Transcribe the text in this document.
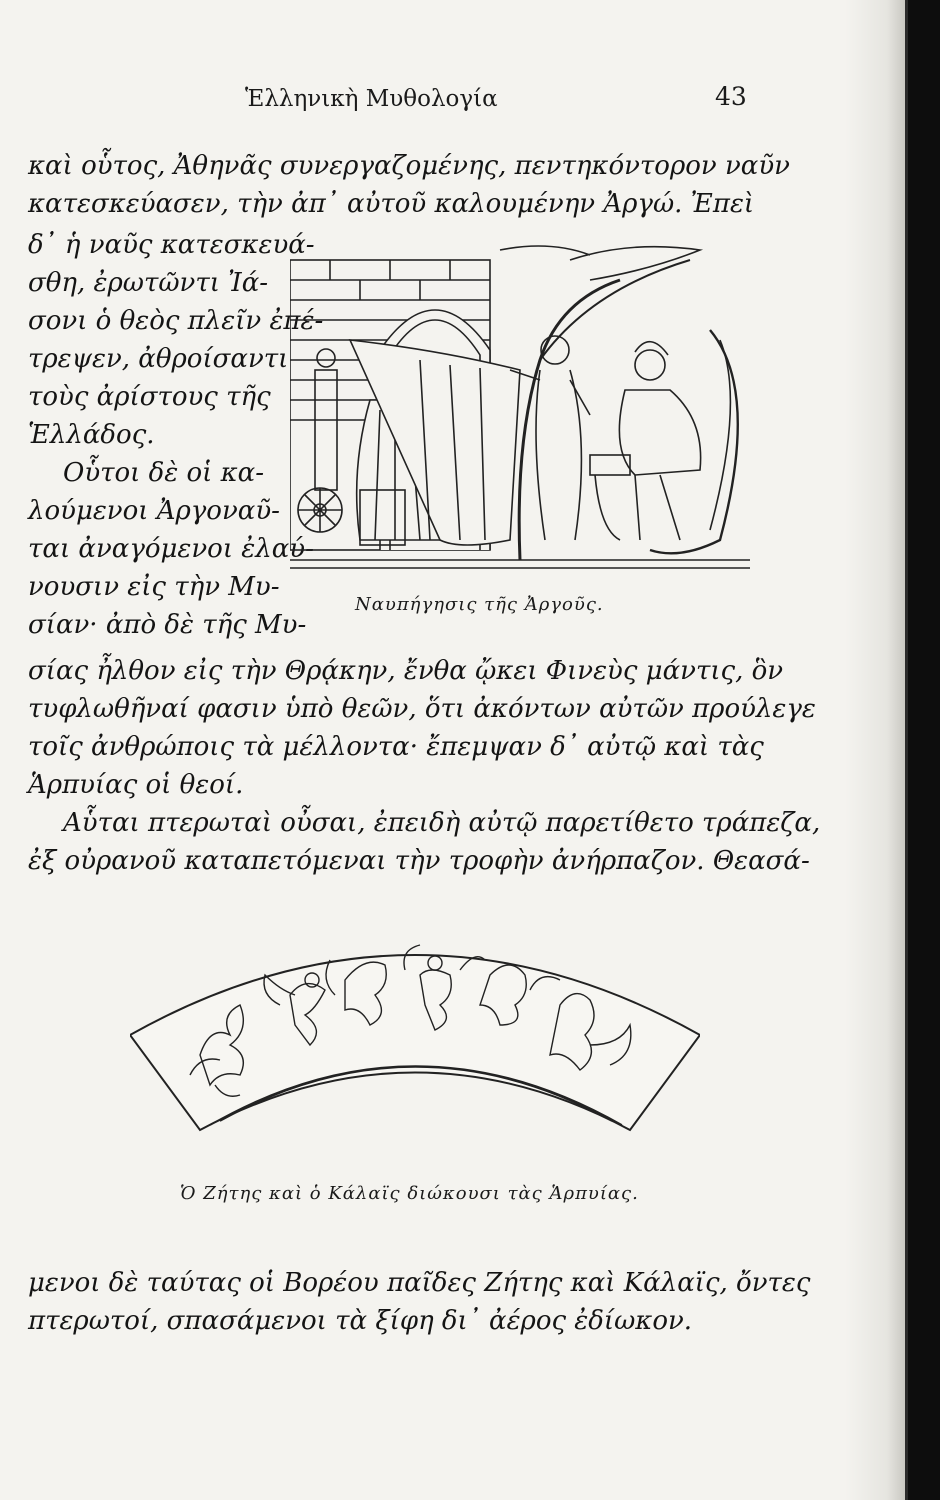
Ἑλληνικὴ Μυθολογία	43
καὶ οὗτος, Ἀθηνᾶς συνεργαζομένης, πεντηκόντορον ναῦν
κατεσκεύασεν, τὴν ἀπ᾽ αὐτοῦ καλουμένην Ἀργώ. Ἐπεὶ
δ᾽ ἡ ναῦς κατεσκευά-
σθη, ἐρωτῶντι Ἰά-
σονι ὁ θεὸς πλεῖν ἐπέ-
τρεψεν, ἀθροίσαντι
τοὺς ἀρίστους τῆς
Ἑλλάδος.
Οὗτοι δὲ οἱ κα-
λούμενοι Ἀργοναῦ-
ται ἀναγόμενοι ἐλαύ-
νουσιν εἰς τὴν Μυ-
σίαν· ἀπὸ δὲ τῆς Μυ-
Ναυπήγησις τῆς Ἀργοῦς.
σίας ἦλθον εἰς τὴν Θρᾴκην, ἔνθα ᾤκει Φινεὺς μάντις, ὃν
τυφλωθῆναί φασιν ὑπὸ θεῶν, ὅτι ἀκόντων αὐτῶν προύλεγε
τοῖς ἀνθρώποις τὰ μέλλοντα· ἔπεμψαν δ᾽ αὐτῷ καὶ τὰς
Ἁρπυίας οἱ θεοί.
Αὗται πτερωταὶ οὖσαι, ἐπειδὴ αὐτῷ παρετίθετο τράπεζα,
ἐξ οὐρανοῦ καταπετόμεναι τὴν τροφὴν ἀνήρπαζον. Θεασά-
Ὁ Ζήτης καὶ ὁ Κάλαϊς διώκουσι τὰς Ἁρπυίας.
μενοι δὲ ταύτας οἱ Βορέου παῖδες Ζήτης καὶ Κάλαϊς, ὄντες
πτερωτοί, σπασάμενοι τὰ ξίφη δι᾽ ἀέρος ἐδίωκον.
